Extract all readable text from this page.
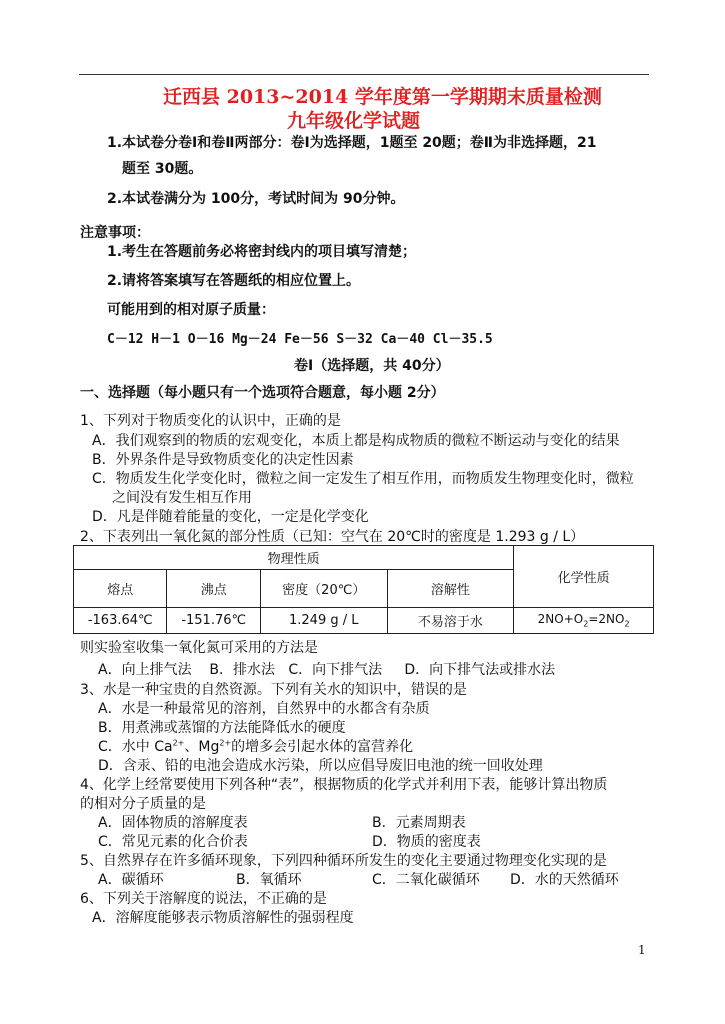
迁西县 2013~2014 学年度第一学期期末质量检测
九年级化学试题
1.本试卷分卷Ⅰ和卷Ⅱ两部分：卷Ⅰ为选择题，1题至 20题；卷Ⅱ为非选择题，21
题至 30题。
2.本试卷满分为 100分，考试时间为 90分钟。
注意事项：
1.考生在答题前务必将密封线内的项目填写清楚；
2.请将答案填写在答题纸的相应位置上。
可能用到的相对原子质量：
C－12 H－1 O－16 Mg－24 Fe－56 S－32 Ca－40 Cl－35.5
卷Ⅰ（选择题，共 40分）
一、选择题（每小题只有一个选项符合题意，每小题 2分）
1、下列对于物质变化的认识中，正确的是
A．我们观察到的物质的宏观变化，本质上都是构成物质的微粒不断运动与变化的结果
B．外界条件是导致物质变化的决定性因素
C．物质发生化学变化时，微粒之间一定发生了相互作用，而物质发生物理变化时，微粒
之间没有发生相互作用
D．凡是伴随着能量的变化，一定是化学变化
2、下表列出一氧化氮的部分性质（已知：空气在 20℃时的密度是 1.293 g / L）
物理性质				化学性质
熔点	沸点	密度（20℃）	溶解性	
-163.64℃	-151.76℃	1.249 g / L	不易溶于水	$2NO+O_2=2NO_2$
则实验室收集一氧化氮可采用的方法是
A．向上排气法    B．排水法   C．向下排气法     D．向下排气法或排水法
3、水是一种宝贵的自然资源。下列有关水的知识中，错误的是
A．水是一种最常见的溶剂，自然界中的水都含有杂质
B．用煮沸或蒸馏的方法能降低水的硬度
C．水中 $Ca^{2+}$、$Mg^{2+}$的增多会引起水体的富营养化
D．含汞、铅的电池会造成水污染，所以应倡导废旧电池的统一回收处理
4、化学上经常要使用下列各种“表”，根据物质的化学式并利用下表，能够计算出物质
的相对分子质量的是
A．固体物质的溶解度表	B．元素周期表
C．常见元素的化合价表	D．物质的密度表
5、自然界存在许多循环现象，下列四种循环所发生的变化主要通过物理变化实现的是
A．碳循环	B．氧循环	C．二氧化碳循环 D．水的天然循环
6、下列关于溶解度的说法，不正确的是
A．溶解度能够表示物质溶解性的强弱程度
1
